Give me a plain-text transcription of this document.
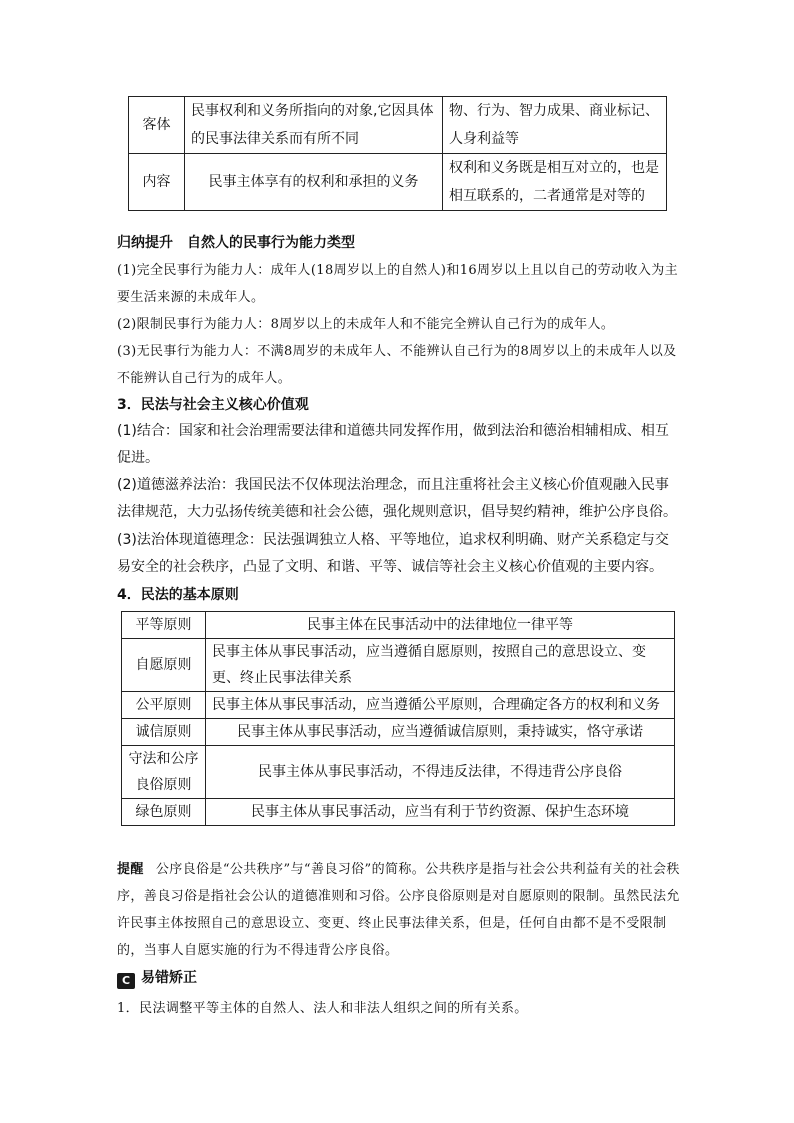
客体	民事权利和义务所指向的对象,它因具体的民事法律关系而有所不同	物、行为、智力成果、商业标记、人身利益等
内容	民事主体享有的权利和承担的义务	权利和义务既是相互对立的，也是相互联系的，二者通常是对等的
归纳提升　自然人的民事行为能力类型
(1)完全民事行为能力人：成年人(18周岁以上的自然人)和16周岁以上且以自己的劳动收入为主要生活来源的未成年人。
(2)限制民事行为能力人：8周岁以上的未成年人和不能完全辨认自己行为的成年人。
(3)无民事行为能力人：不满8周岁的未成年人、不能辨认自己行为的8周岁以上的未成年人以及不能辨认自己行为的成年人。
3．民法与社会主义核心价值观
(1)结合：国家和社会治理需要法律和道德共同发挥作用，做到法治和德治相辅相成、相互促进。
(2)道德滋养法治：我国民法不仅体现法治理念，而且注重将社会主义核心价值观融入民事法律规范，大力弘扬传统美德和社会公德，强化规则意识，倡导契约精神，维护公序良俗。
(3)法治体现道德理念：民法强调独立人格、平等地位，追求权利明确、财产关系稳定与交易安全的社会秩序，凸显了文明、和谐、平等、诚信等社会主义核心价值观的主要内容。
4．民法的基本原则
平等原则	民事主体在民事活动中的法律地位一律平等
自愿原则	民事主体从事民事活动，应当遵循自愿原则，按照自己的意思设立、变更、终止民事法律关系
公平原则	民事主体从事民事活动，应当遵循公平原则，合理确定各方的权利和义务
诚信原则	民事主体从事民事活动，应当遵循诚信原则，秉持诚实，恪守承诺
守法和公序良俗原则	民事主体从事民事活动，不得违反法律，不得违背公序良俗
绿色原则	民事主体从事民事活动，应当有利于节约资源、保护生态环境
提醒 公序良俗是“公共秩序”与“善良习俗”的简称。公共秩序是指与社会公共利益有关的社会秩序，善良习俗是指社会公认的道德准则和习俗。公序良俗原则是对自愿原则的限制。虽然民法允许民事主体按照自己的意思设立、变更、终止民事法律关系，但是，任何自由都不是不受限制的，当事人自愿实施的行为不得违背公序良俗。
C 易错矫正
1．民法调整平等主体的自然人、法人和非法人组织之间的所有关系。
